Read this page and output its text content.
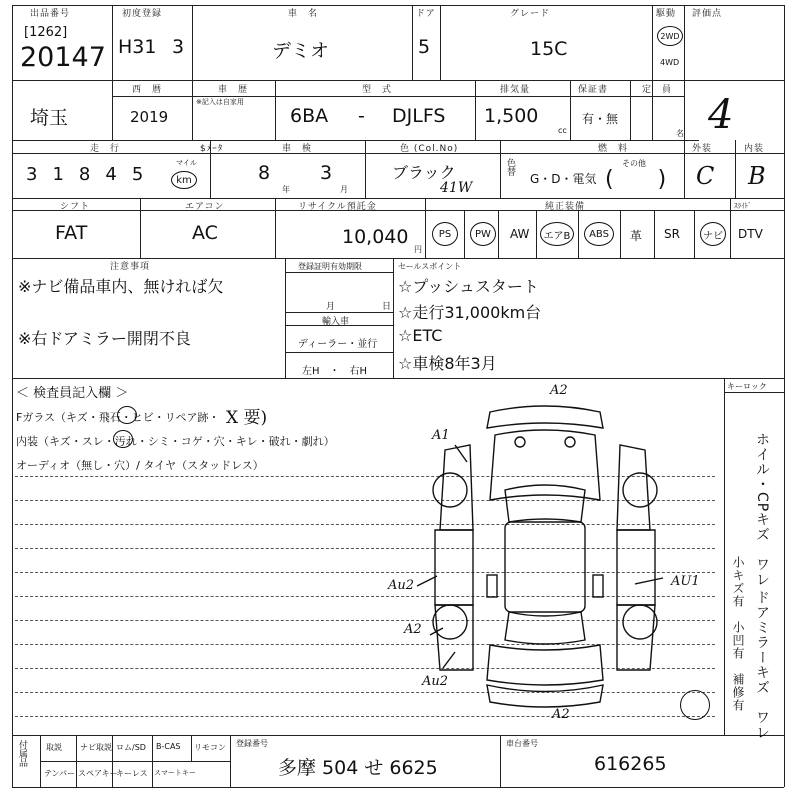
出品番号
[1262]
20147
初度登録
H31 3
車　名
デミオ
ドア
5
グレード
15C
駆動
2WD
4WD
評価点
4
埼玉
西　暦
2019
車　歴
※記入は自家用
型　式
6BA - DJLFS
排気量
1,500
cc
保証書
有・無
定　員
名
走　行
3 1 8 4 5
マイル
km
$ﾒｰﾀ	車　検
8
年
3
月
色 (Col.No)
ブラック
41W
色替
燃　料
G・D・電気
その他
(　　)
外装
C
内装
B
シフト
FAT
エアコン
AC
リサイクル預託金
10,040
円
純正装備	ｽﾗｲﾄﾞ
PS PW AW エアB ABS 革 SR ナビ DTV
注意事項
※ナビ備品車内、無ければ欠
※右ドアミラー開閉不良
登録証明有効期限
月	日
輸入車
ディーラー・並行
左H　・　右H
セールスポイント
☆プッシュスタート
☆走行31,000km台
☆ETC
☆車検8年3月
＜ 検査員記入欄 ＞
Fガラス（キズ・飛石・ヒビ・リペア跡・ X 要)
内装（キズ・スレ・汚れ・シミ・コゲ・穴・キレ・破れ・劇れ）
オーディオ（無し・穴）/ タイヤ（スタッドレス）
キーロック
ホイル・CPキズ　ワレ
ドアミラーキズ　ワレ
小キズ有　小凹有　補修有
A2
A1
Au2	AU1
A2
Au2
A2
付属品 取説 ナビ取説 ロム/SD B-CAS リモコン
テンパー スペアキー
キーレス スマートキー
登録番号
多摩 504 せ 6625
車台番号
616265
